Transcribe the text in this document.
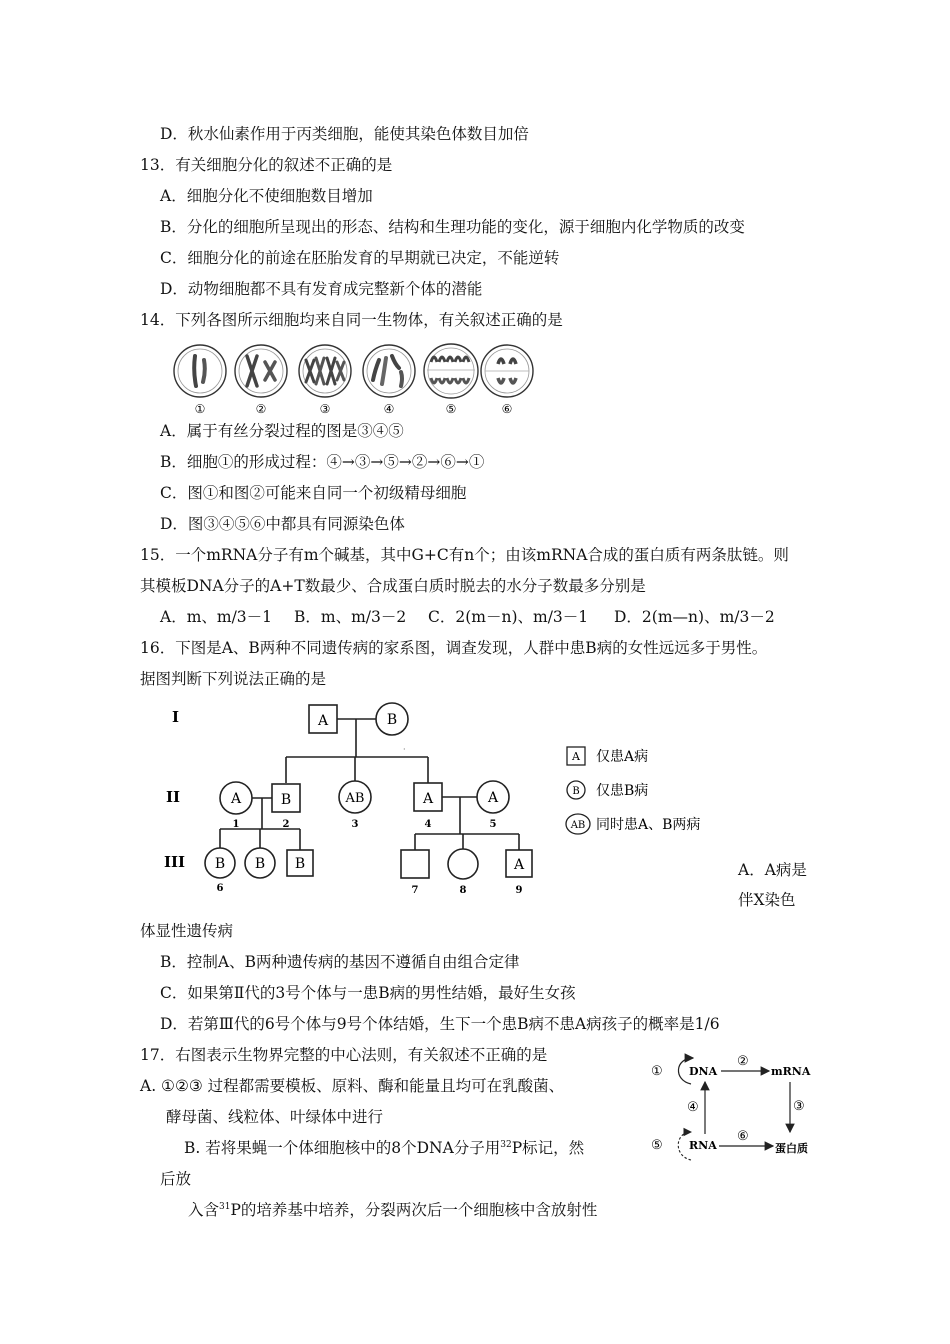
D．秋水仙素作用于丙类细胞，能使其染色体数目加倍
13．有关细胞分化的叙述不正确的是
A．细胞分化不使细胞数目增加
B．分化的细胞所呈现出的形态、结构和生理功能的变化，源于细胞内化学物质的改变
C．细胞分化的前途在胚胎发育的早期就已决定，不能逆转
D．动物细胞都不具有发育成完整新个体的潜能
14．下列各图所示细胞均来自同一生物体，有关叙述正确的是
①	②	③	④	⑤	⑥
A．属于有丝分裂过程的图是③④⑤
B．细胞①的形成过程：④→③→⑤→②→⑥→①
C．图①和图②可能来自同一个初级精母细胞
D．图③④⑤⑥中都具有同源染色体
15．一个mRNA分子有m个碱基，其中G+C有n个；由该mRNA合成的蛋白质有两条肽链。则
其模板DNA分子的A+T数最少、合成蛋白质时脱去的水分子数最多分别是
A．m、m/3－1 B．m、m/3－2 C．2(m－n)、m/3－1 D．2(m—n)、m/3－2
16．下图是A、B两种不同遗传病的家系图，调查发现，人群中患B病的女性远远多于男性。
据图判断下列说法正确的是
I
II
III
A	B
·
A	B	AB	A	A
1	2	3	4	5
B B B	A
6	7	8	9
A 仅患A病
B 仅患B病
AB 同时患A、B两病
A．A病是
伴X染色
体显性遗传病
B．控制A、B两种遗传病的基因不遵循自由组合定律
C．如果第Ⅱ代的3号个体与一患B病的男性结婚，最好生女孩
D．若第Ⅲ代的6号个体与9号个体结婚，生下一个患B病不患A病孩子的概率是1/6
17．右图表示生物界完整的中心法则，有关叙述不正确的是
A. ①②③ 过程都需要模板、原料、酶和能量且均可在乳酸菌、
酵母菌、线粒体、叶绿体中进行
B. 若将果蝇一个体细胞核中的8个DNA分子用$^{32}$P标记，然
后放
入含$^{31}$P的培养基中培养，分裂两次后一个细胞核中含放射性
① DNA
②
mRNA
③
④
⑤ RNA
⑥
蛋白质
